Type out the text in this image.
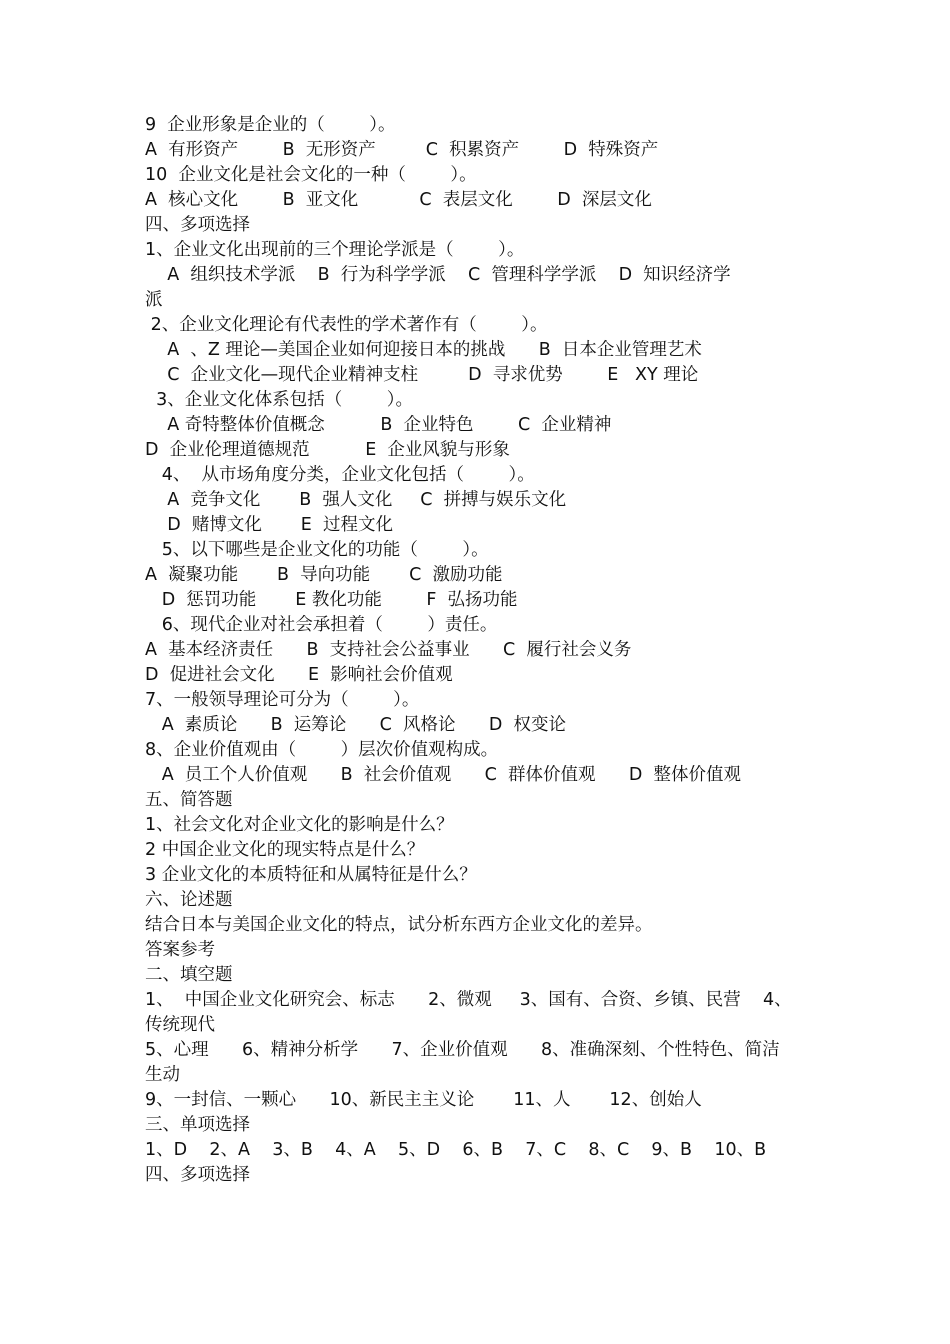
9  企业形象是企业的（        ）。
A  有形资产        B  无形资产         C  积累资产        D  特殊资产
10  企业文化是社会文化的一种（        ）。
A  核心文化        B  亚文化           C  表层文化        D  深层文化
四、多项选择
1、企业文化出现前的三个理论学派是（        ）。
A  组织技术学派    B  行为科学学派    C  管理科学学派    D  知识经济学
派
2、企业文化理论有代表性的学术著作有（        ）。
A  、Z 理论—美国企业如何迎接日本的挑战      B  日本企业管理艺术
C  企业文化—现代企业精神支柱         D  寻求优势        E   XY 理论
3、企业文化体系包括（        ）。
A 奇特整体价值概念          B  企业特色        C  企业精神
D  企业伦理道德规范          E  企业风貌与形象
4、  从市场角度分类，企业文化包括（        ）。
A  竞争文化       B  强人文化     C  拼搏与娱乐文化
D  赌博文化       E  过程文化
5、以下哪些是企业文化的功能（        ）。
A  凝聚功能       B  导向功能       C  激励功能
D  惩罚功能       E 教化功能        F  弘扬功能
6、现代企业对社会承担着（        ）责任。
A  基本经济责任      B  支持社会公益事业      C  履行社会义务
D  促进社会文化      E  影响社会价值观
7、一般领导理论可分为（        ）。
A  素质论      B  运筹论      C  风格论      D  权变论
8、企业价值观由（        ）层次价值观构成。
A  员工个人价值观      B  社会价值观      C  群体价值观      D  整体价值观
五、简答题
1、社会文化对企业文化的影响是什么？
2 中国企业文化的现实特点是什么？
3 企业文化的本质特征和从属特征是什么？
六、论述题
结合日本与美国企业文化的特点，试分析东西方企业文化的差异。
答案参考
二、填空题
1、  中国企业文化研究会、标志      2、微观     3、国有、合资、乡镇、民营    4、
传统现代
5、心理      6、精神分析学      7、企业价值观      8、准确深刻、个性特色、简洁
生动
9、一封信、一颗心      10、新民主主义论       11、人       12、创始人
三、单项选择
1、D    2、A    3、B    4、A    5、D    6、B    7、C    8、C    9、B    10、B
四、多项选择
